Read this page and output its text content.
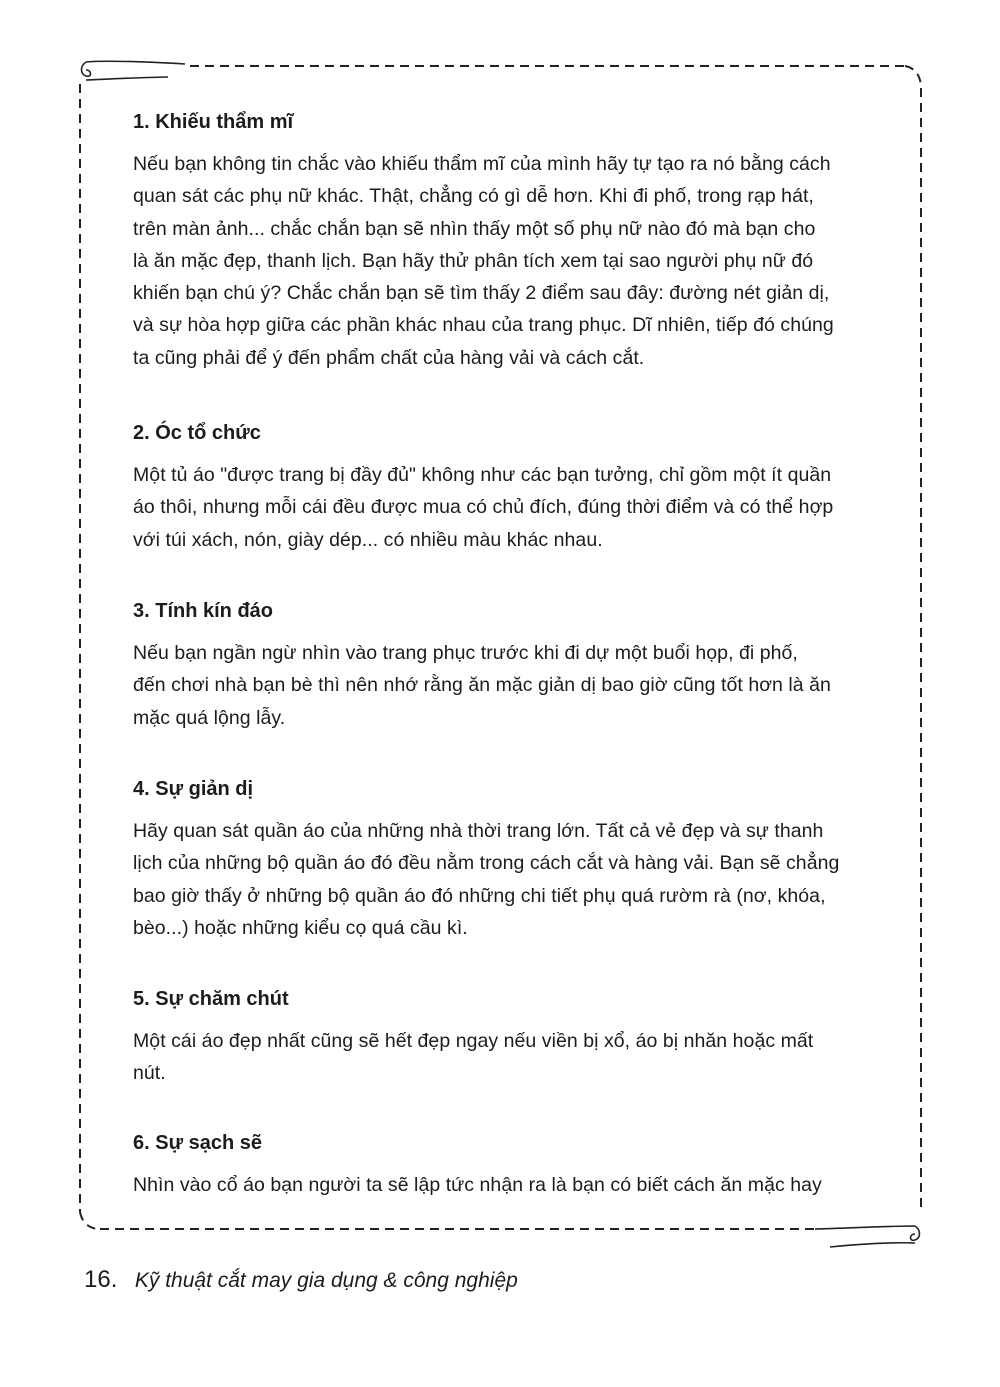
1. Khiếu thẩm mĩ

Nếu bạn không tin chắc vào khiếu thẩm mĩ của mình hãy tự tạo ra nó bằng cách
quan sát các phụ nữ khác. Thật, chẳng có gì dễ hơn. Khi đi phố, trong rạp hát,
trên màn ảnh... chắc chắn bạn sẽ nhìn thấy một số phụ nữ nào đó mà bạn cho
là ăn mặc đẹp, thanh lịch. Bạn hãy thử phân tích xem tại sao người phụ nữ đó
khiến bạn chú ý? Chắc chắn bạn sẽ tìm thấy 2 điểm sau đây: đường nét giản dị,
và sự hòa hợp giữa các phần khác nhau của trang phục. Dĩ nhiên, tiếp đó chúng
ta cũng phải để ý đến phẩm chất của hàng vải và cách cắt.

2. Óc tổ chức

Một tủ áo "được trang bị đầy đủ" không như các bạn tưởng, chỉ gồm một ít quần
áo thôi, nhưng mỗi cái đều được mua có chủ đích, đúng thời điểm và có thể hợp
với túi xách, nón, giày dép... có nhiều màu khác nhau.

3. Tính kín đáo

Nếu bạn ngần ngừ nhìn vào trang phục trước khi đi dự một buổi họp, đi phố,
đến chơi nhà bạn bè thì nên nhớ rằng ăn mặc giản dị bao giờ cũng tốt hơn là ăn
mặc quá lộng lẫy.

4. Sự giản dị

Hãy quan sát quần áo của những nhà thời trang lớn. Tất cả vẻ đẹp và sự thanh
lịch của những bộ quần áo đó đều nằm trong cách cắt và hàng vải. Bạn sẽ chẳng
bao giờ thấy ở những bộ quần áo đó những chi tiết phụ quá rườm rà (nơ, khóa,
bèo...) hoặc những kiểu cọ quá cầu kì.

5. Sự chăm chút

Một cái áo đẹp nhất cũng sẽ hết đẹp ngay nếu viền bị xổ, áo bị nhăn hoặc mất
nút.

6. Sự sạch sẽ

Nhìn vào cổ áo bạn người ta sẽ lập tức nhận ra là bạn có biết cách ăn mặc hay

16. Kỹ thuật cắt may gia dụng & công nghiệp
